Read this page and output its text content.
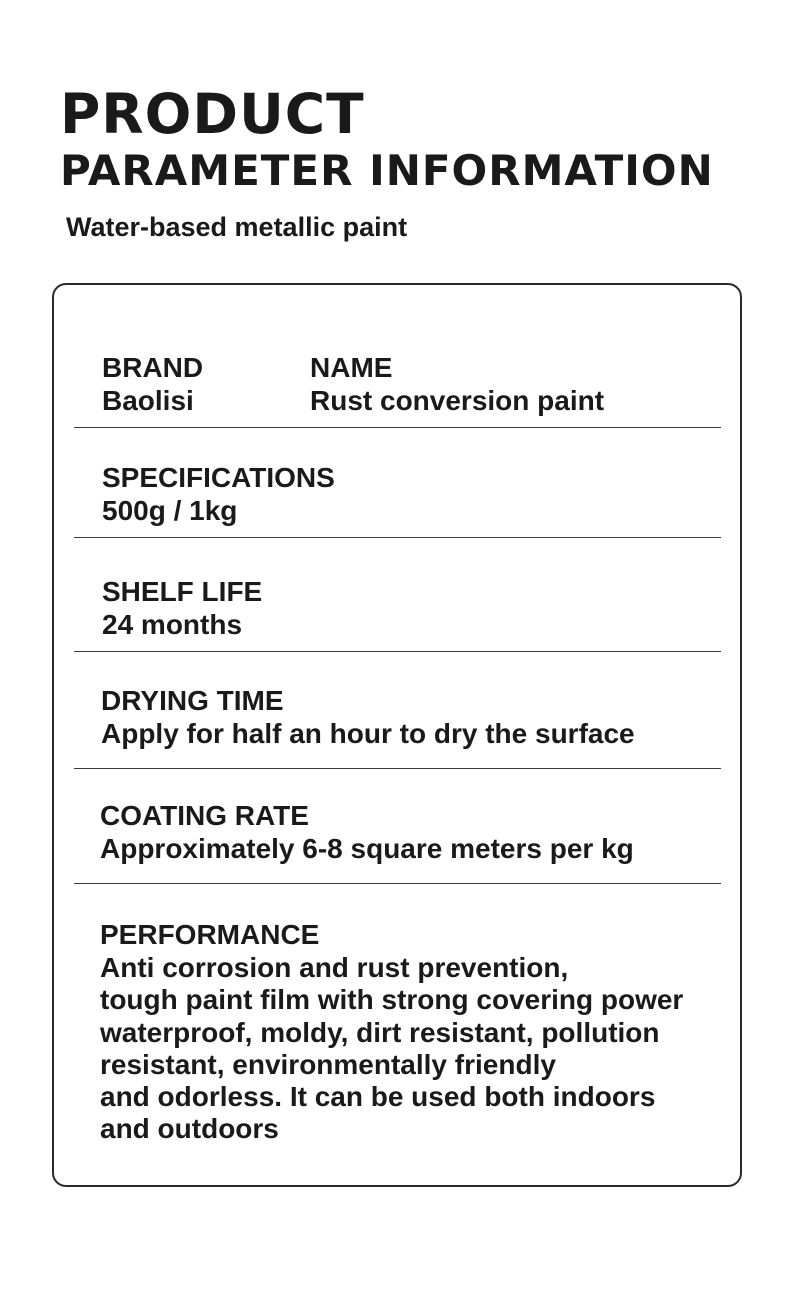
PRODUCT
PARAMETER INFORMATION
Water-based metallic paint
BRAND
Baolisi
NAME
Rust conversion paint
SPECIFICATIONS
500g / 1kg
SHELF LIFE
24 months
DRYING TIME
Apply for half an hour to dry the surface
COATING RATE
Approximately 6-8 square meters per kg
PERFORMANCE
Anti corrosion and rust prevention,
tough paint film with strong covering power
waterproof, moldy, dirt resistant, pollution
resistant, environmentally friendly
and odorless. It can be used both indoors
and outdoors
